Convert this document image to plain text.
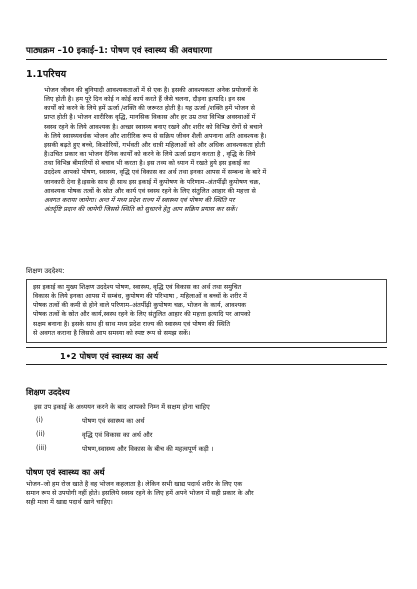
पाठ्यक्रम –10 इकाई–1: पोषण एवं स्वास्थ्य की अवधारणा
1.1परिचय
भोजन जीवन की बुनियादी आवश्यकताओं में से एक है। इसकी आवश्यकता अनेक प्रयोजनों के
लिए होती है। हम पूरे दिन कोई न कोई कार्य करते हैं जैसे चलना, दौड़ना इत्यादि। इन सब
कार्यों को करने के लिये हमें ऊर्जा /शक्ति की जरूरत होती है। यह ऊर्जा /शक्ति हमें भोजन से
प्राप्त होती है। भोजन शारीरिक वृद्धि, मानसिक विकास और हर उम्र तथा विभिन्न अवस्थाओं में
स्वस्थ रहने के लिये आवश्यक है। अच्छा स्वास्थ्य बनाए रखने और शरीर को विभिन्न रोगों से बचाने
के लिये स्वास्थ्यवर्धक भोजन और शारीरिक रूप से सक्रिय जीवन शैली अपनाना अति आवश्यक है।
इसकी बढ़ते हुए बच्चे, किशोरियों, गर्भवती और धात्री महिलाओं को और अधिक आवश्यकता होती
है।उचित प्रकार का भोजन दैनिक कार्यों को करने के लिये ऊर्जा प्रदान करता है , वृद्धि के लिये
तथा विभिन्न बीमारियों से बचाव भी करता है। इस तथ्य को ध्यान में रखते हुये इस इकाई का
उददेश्य आपको पोषण, स्वास्थ्य, वृद्धि एवं विकास का अर्थ तथा इनका आपस में सम्बन्ध के बारे में
जानकारी देना है।इसके साथ ही साथ इस इकाई में कुपोषण के परिणाम–अंतर्पीढ़ी कुपोषण चक्र,
आवश्यक पोषक तत्वों के स्रोत और कार्य एवं स्वस्थ रहने के लिए संतुलित आहार की महत्ता से
अवगत कराया जायेगा। अन्त में मध्य प्रदेश राज्य में स्वास्थ्य एवं पोषण की स्थिति पर
अंतर्दृष्टि प्रदान की जायेगी जिससे स्थिति को सुधारने हेतु आप सक्रिय प्रयास कर सकें।
शिक्षण उददेश्य:
इस इकाई का मुख्य शिक्षण उददेश्य पोषण, स्वास्थ्य, वृद्धि एवं विकास का अर्थ तथा समुचित
विकास के लिये इनका आपस में सम्बंध, कुपोषण की परिभाषा , महिलाओं व बच्चों के शरीर में
पोषक तत्वों की कमी से होने वाले परिणाम–अंतर्पीढ़ी कुपोषण चक्र, भोजन के कार्य, आवश्यक
पोषक तत्वों के स्रोत और कार्य,स्वस्थ रहने के लिए संतुलित आहार की महत्ता इत्यादि पर आपको
सक्षम बनाना है। इसके साथ ही साथ मध्य प्रदेश राज्य की स्वास्थ्य एवं पोषण की स्थिति
से अवगत कराना है जिससे आप समस्या को स्पष्ट रूप से समझ सकें।
1•2 पोषण एवं स्वास्थ्य का अर्थ
शिक्षण उददेश्य
इस उप इकाई के अध्ययन करने के बाद आपको निम्न में सक्षम होना चाहिए
(i)	पोषण एवं स्वास्थ्य का अर्थ
(ii)	वृद्धि एवं विकास का अर्थ और
(iii)	पोषण,स्वास्थ्य और विकास के बीच की महत्वपूर्ण कड़ी ।
पोषण एवं स्वास्थ्य का अर्थ
भोजन–जो हम रोज खाते है वह भोजन कहलाता है। लेकिन सभी खाद्य पदार्थ शरीर के लिए एक
समान रूप से उपयोगी नहीं होते। इसलिये स्वस्थ रहने के लिए हमें अपने भोजन में सही प्रकार के और
सही मात्रा में खाद्य पदार्थ खाने चाहिए।
